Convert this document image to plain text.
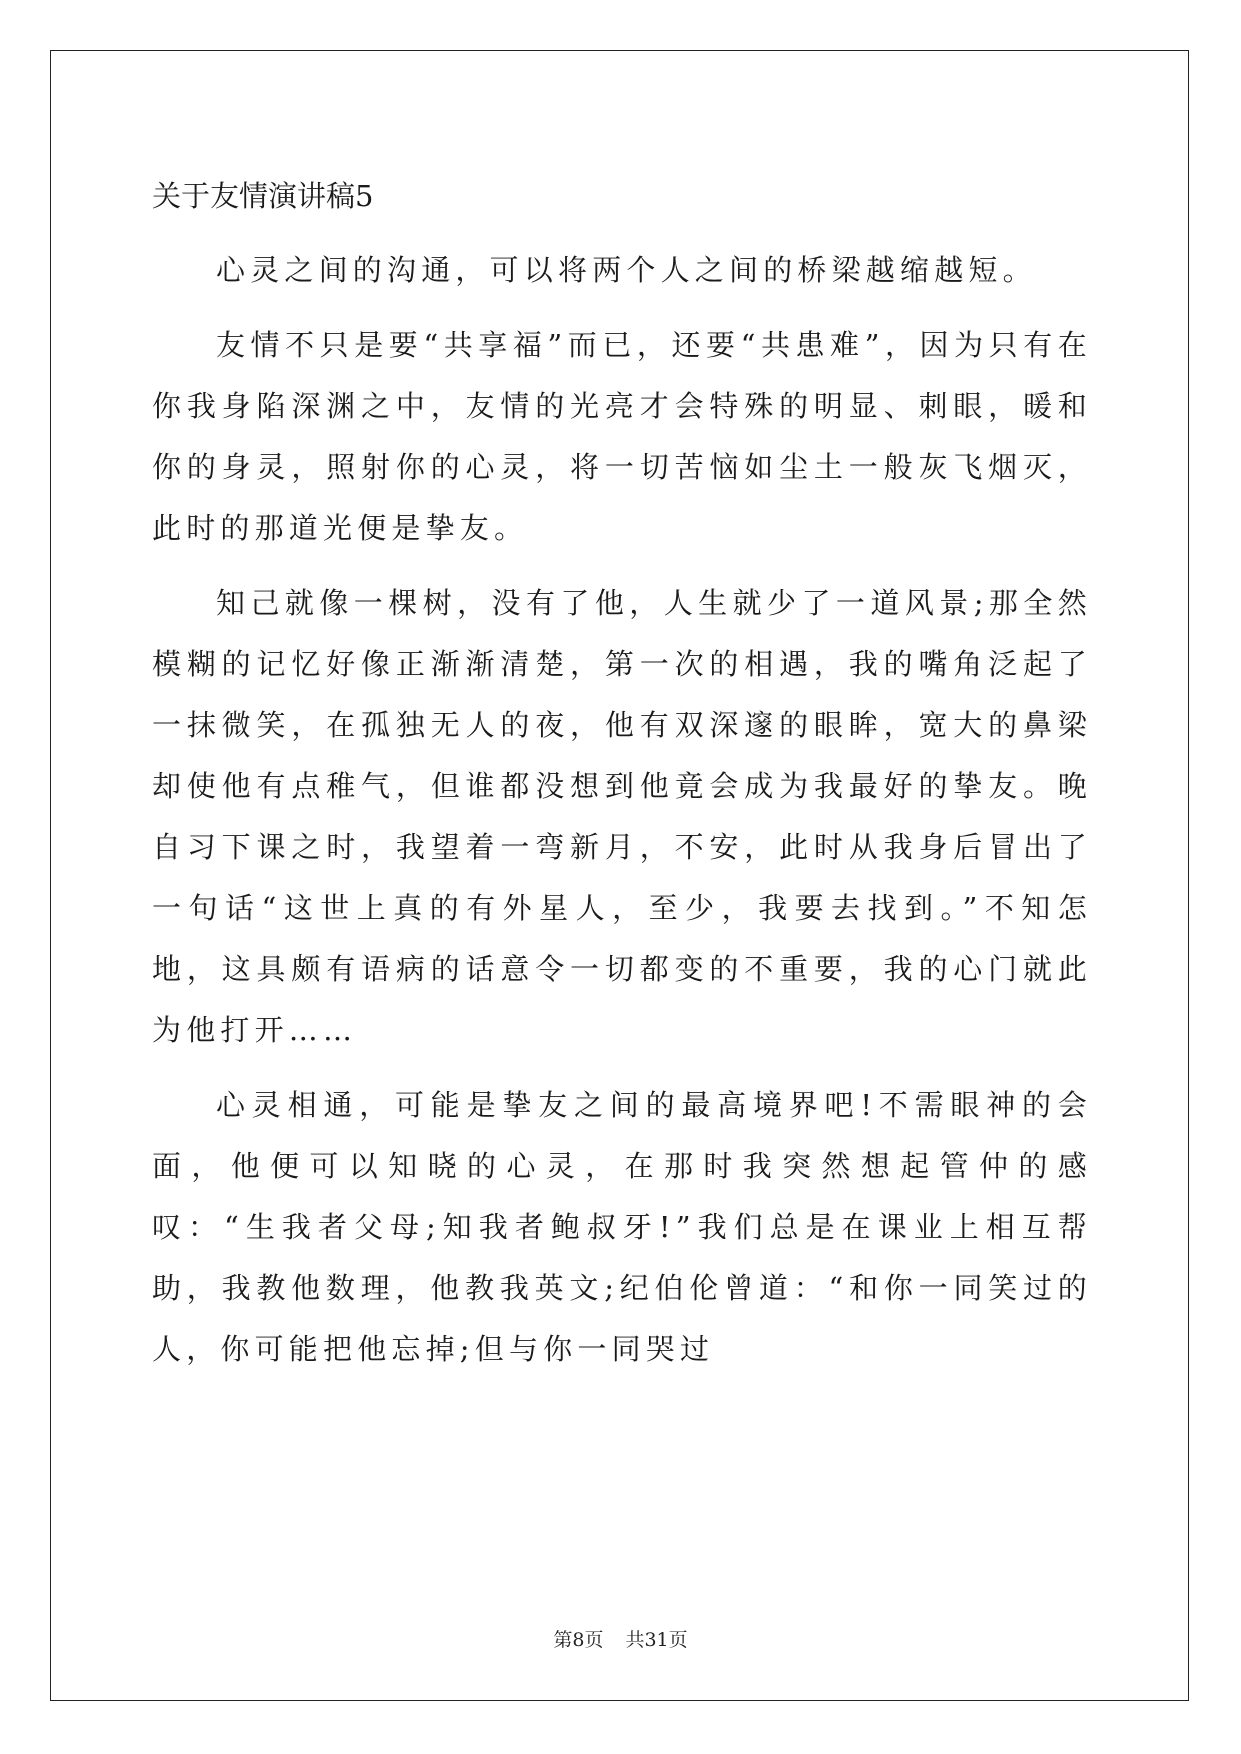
关于友情演讲稿5

心灵之间的沟通，可以将两个人之间的桥梁越缩越短。

友情不只是要“共享福”而已，还要“共患难”，因为只有在你我身陷深渊之中，友情的光亮才会特殊的明显、刺眼，暖和你的身灵，照射你的心灵，将一切苦恼如尘土一般灰飞烟灭，此时的那道光便是挚友。

知己就像一棵树，没有了他，人生就少了一道风景;那全然模糊的记忆好像正渐渐清楚，第一次的相遇，我的嘴角泛起了一抹微笑，在孤独无人的夜，他有双深邃的眼眸，宽大的鼻梁却使他有点稚气，但谁都没想到他竟会成为我最好的挚友。晚自习下课之时，我望着一弯新月，不安，此时从我身后冒出了一句话“这世上真的有外星人，至少，我要去找到。”不知怎地，这具颇有语病的话意令一切都变的不重要，我的心门就此为他打开……

心灵相通，可能是挚友之间的最高境界吧!不需眼神的会面，他便可以知晓的心灵，在那时我突然想起管仲的感叹：“生我者父母;知我者鲍叔牙!”我们总是在课业上相互帮助，我教他数理，他教我英文;纪伯伦曾道：“和你一同笑过的人，你可能把他忘掉;但与你一同哭过

第8页 共31页
